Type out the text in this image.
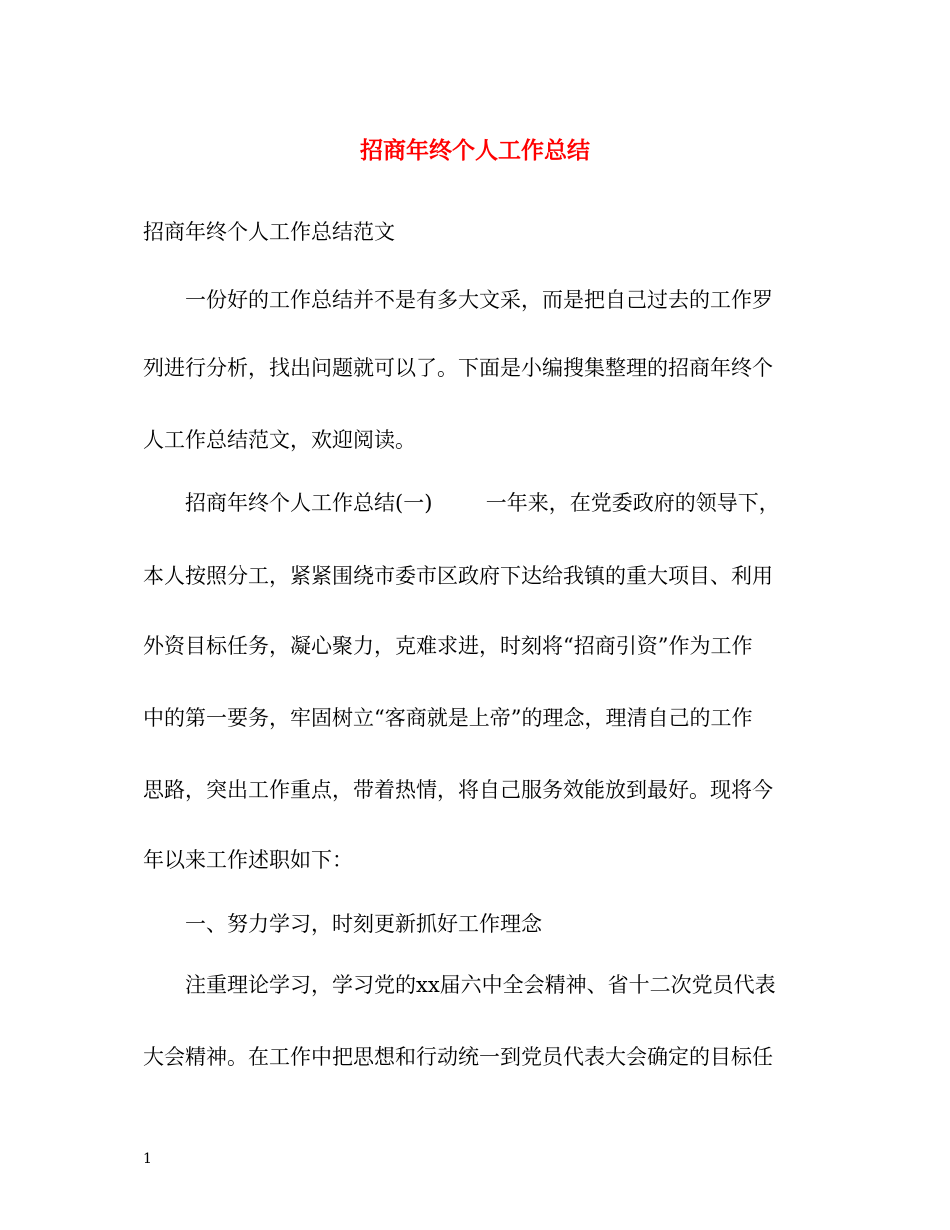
招商年终个人工作总结
招商年终个人工作总结范文
一份好的工作总结并不是有多大文采，而是把自己过去的工作罗
列进行分析，找出问题就可以了。下面是小编搜集整理的招商年终个
人工作总结范文，欢迎阅读。
招商年终个人工作总结(一)        一年来，在党委政府的领导下，
本人按照分工，紧紧围绕市委市区政府下达给我镇的重大项目、利用
外资目标任务，凝心聚力，克难求进，时刻将“招商引资”作为工作
中的第一要务，牢固树立“客商就是上帝”的理念，理清自己的工作
思路，突出工作重点，带着热情，将自己服务效能放到最好。现将今
年以来工作述职如下：
一、努力学习，时刻更新抓好工作理念
注重理论学习，学习党的xx届六中全会精神、省十二次党员代表
大会精神。在工作中把思想和行动统一到党员代表大会确定的目标任
1
